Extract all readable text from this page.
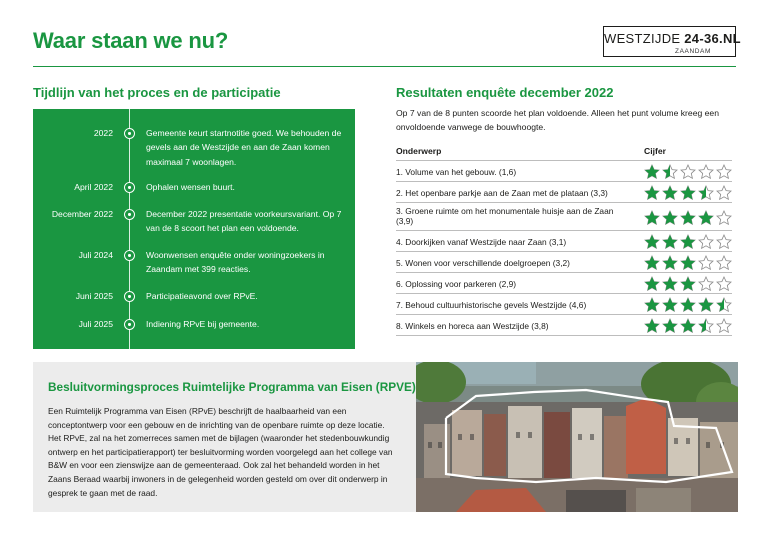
Waar staan we nu?	WESTZIJDE 24-36.NL
ZAANDAM
Tijdlijn van het proces en de participatie
2022	Gemeente keurt startnotitie goed. We behouden de gevels aan de Westzijde en aan de Zaan komen maximaal 7 woonlagen.
April 2022	Ophalen wensen buurt.
December 2022	December 2022 presentatie voorkeursvariant. Op 7 van de 8 scoort het plan een voldoende.
Juli 2024	Woonwensen enquête onder woningzoekers in Zaandam met 399 reacties.
Juni 2025	Participatieavond over RPvE.
Juli 2025	Indiening RPvE bij gemeente.
Resultaten enquête december 2022
Op 7 van de 8 punten scoorde het plan voldoende. Alleen het punt volume kreeg een onvoldoende vanwege de bouwhoogte.
Onderwerp	Cijfer
1. Volume van het gebouw. (1,6)
2. Het openbare parkje aan de Zaan met de plataan (3,3)
3. Groene ruimte om het monumentale huisje aan de Zaan (3,9)
4. Doorkijken vanaf Westzijde naar Zaan (3,1)
5. Wonen voor verschillende doelgroepen (3,2)
6. Oplossing voor parkeren (2,9)
7. Behoud cultuurhistorische gevels Westzijde (4,6)
8. Winkels en horeca aan Westzijde (3,8)
Besluitvormingsproces Ruimtelijke Programma van Eisen (RPVE)
Een Ruimtelijk Programma van Eisen (RPvE) beschrijft de haalbaarheid van een conceptontwerp voor een gebouw en de inrichting van de openbare ruimte op deze locatie. Het RPvE, zal na het zomerreces samen met de bijlagen (waaronder het stedenbouwkundig ontwerp en het participatierapport) ter besluitvorming worden voorgelegd aan het college van B&W en voor een zienswijze aan de gemeenteraad. Ook zal het behandeld worden in het Zaans Beraad waarbij inwoners in de gelegenheid worden gesteld om over dit onderwerp in gesprek te gaan met de raad.
